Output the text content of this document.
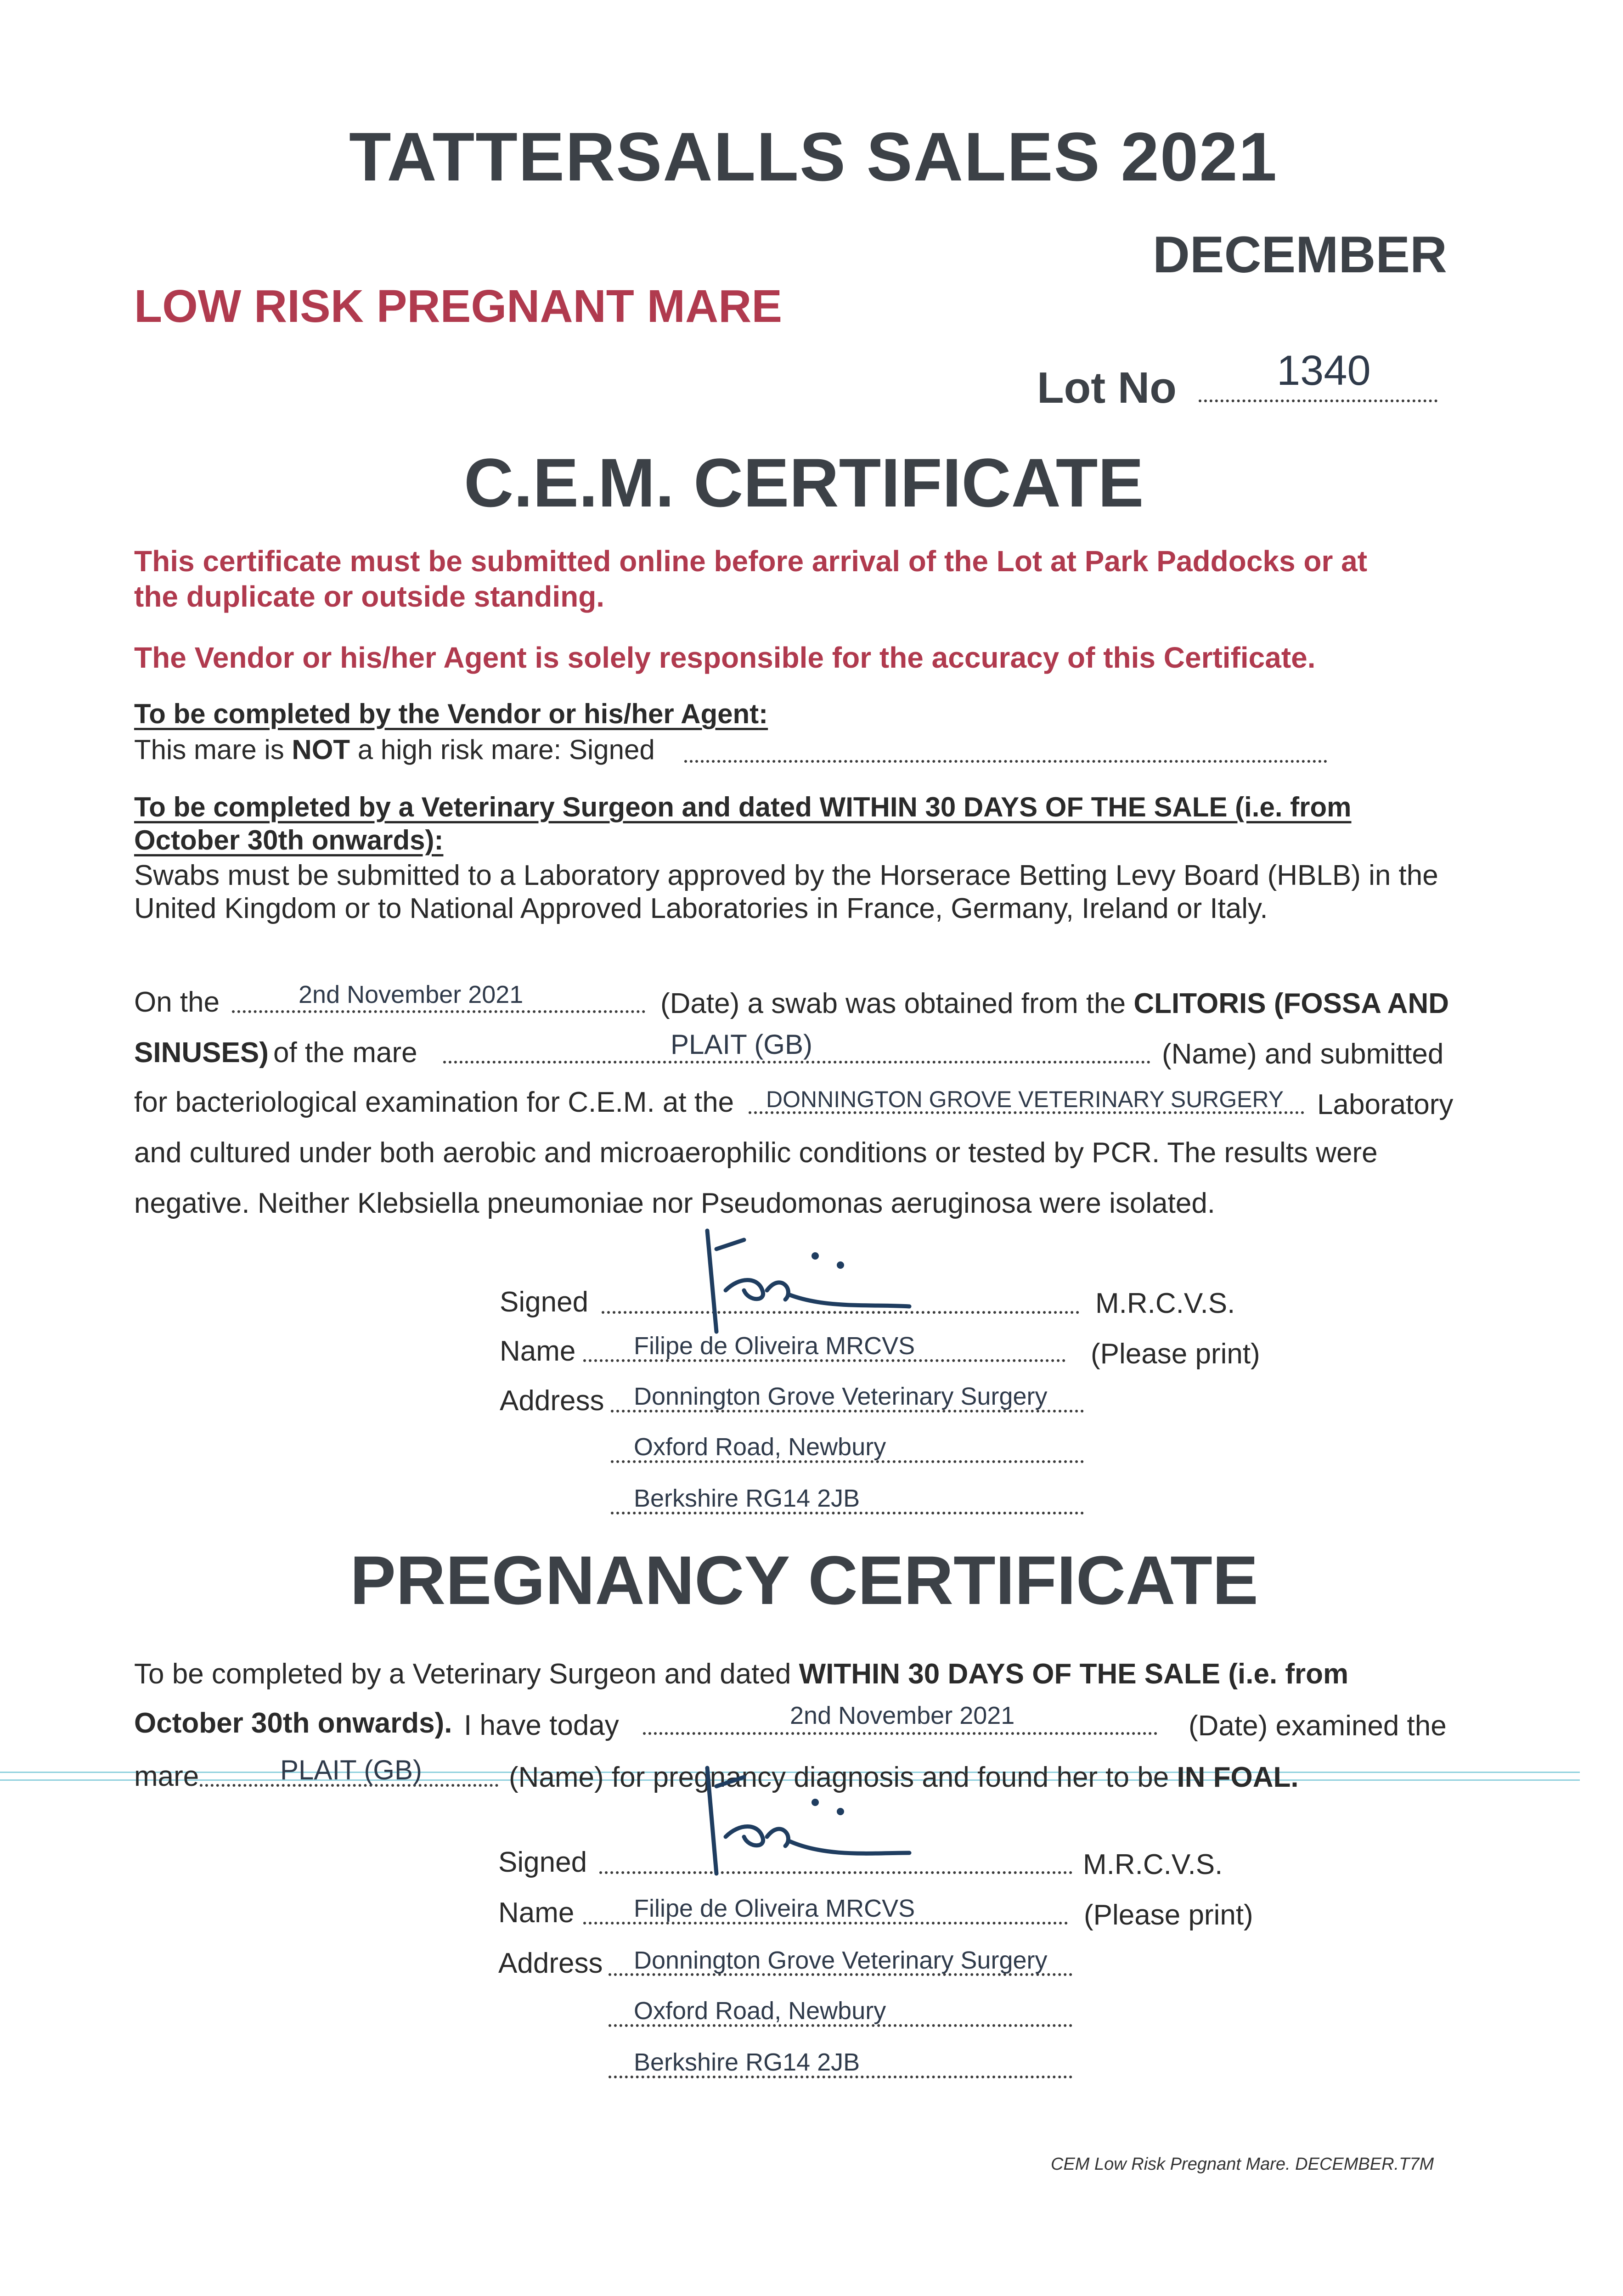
TATTERSALLS SALES 2021
DECEMBER
LOW RISK PREGNANT MARE
Lot No 1340
C.E.M. CERTIFICATE
This certificate must be submitted online before arrival of the Lot at Park Paddocks or at
the duplicate or outside standing.
The Vendor or his/her Agent is solely responsible for the accuracy of this Certificate.
To be completed by the Vendor or his/her Agent:
This mare is NOT a high risk mare: Signed
To be completed by a Veterinary Surgeon and dated WITHIN 30 DAYS OF THE SALE (i.e. from
October 30th onwards):
Swabs must be submitted to a Laboratory approved by the Horserace Betting Levy Board (HBLB) in the
United Kingdom or to National Approved Laboratories in France, Germany, Ireland or Italy.
On the	2nd November 2021	(Date) a swab was obtained from the CLITORIS (FOSSA AND
SINUSES) of the mare	PLAIT (GB)	(Name) and submitted
for bacteriological examination for C.E.M. at the DONNINGTON GROVE VETERINARY SURGERY Laboratory
and cultured under both aerobic and microaerophilic conditions or tested by PCR. The results were
negative. Neither Klebsiella pneumoniae nor Pseudomonas aeruginosa were isolated.
Signed	M.R.C.V.S.
Name Filipe de Oliveira MRCVS	(Please print)
Address Donnington Grove Veterinary Surgery
Oxford Road, Newbury
Berkshire RG14 2JB
PREGNANCY CERTIFICATE
To be completed by a Veterinary Surgeon and dated WITHIN 30 DAYS OF THE SALE (i.e. from
October 30th onwards). I have today	2nd November 2021	(Date) examined the
mare	PLAIT (GB)	(Name) for pregnancy diagnosis and found her to be IN FOAL.
Signed	M.R.C.V.S.
Name Filipe de Oliveira MRCVS	(Please print)
Address Donnington Grove Veterinary Surgery
Oxford Road, Newbury
Berkshire RG14 2JB
CEM Low Risk Pregnant Mare. DECEMBER.T7M
